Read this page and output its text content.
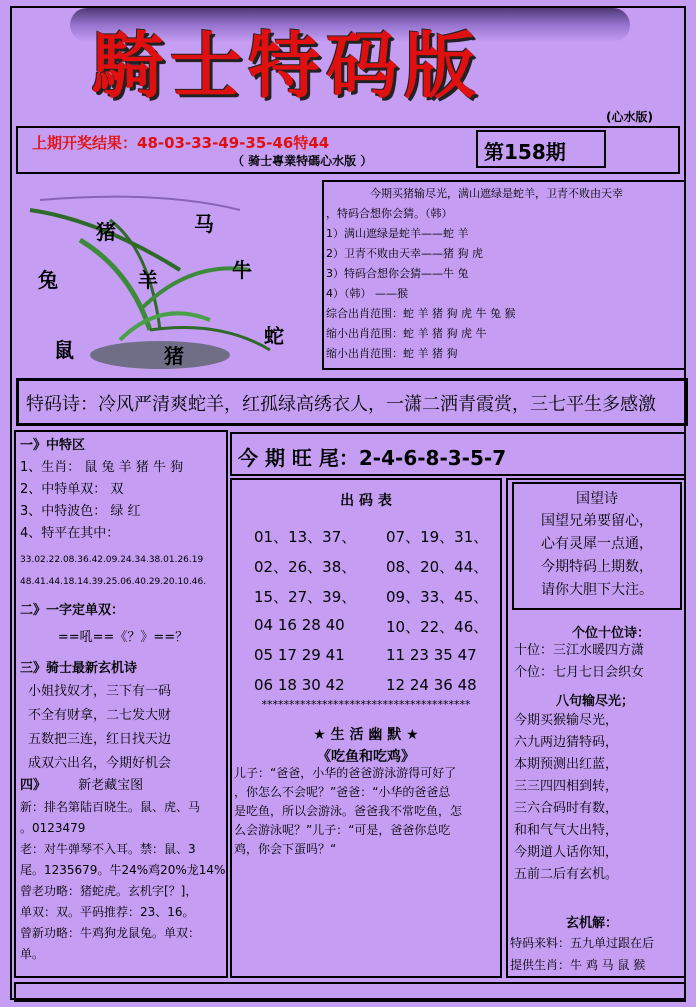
騎士特码版
(心水版)
上期开奖结果：48-03-33-49-35-46特44
（ 骑士專業特碼心水版 ）	第158期
猪	马
兔	羊	牛
鼠	猪
蛇
今期买猪输尽光，满山遮绿是蛇羊，卫青不败由天幸
，特码合想你会猜。（韩）
1）满山遮绿是蛇羊——蛇 羊
2）卫青不败由天幸——猪 狗 虎
3）特码合想你会猜——牛 兔
4）（韩） ——猴
综合出肖范围：蛇 羊 猪 狗 虎 牛 兔 猴
缩小出肖范围：蛇 羊 猪 狗 虎 牛
缩小出肖范围：蛇 羊 猪 狗
特码诗：冷风严清爽蛇羊，红孤绿高绣衣人，一潇二洒青霞赏，三七平生多感激
一》中特区
1、生肖： 鼠 兔 羊 猪 牛 狗
2、中特单双： 双
3、中特波色： 绿 红
4、特平在其中：
33.02.22.08.36.42.09.24.34.38.01.26.19
48.41.44.18.14.39.25.06.40.29.20.10.46.
二》一字定单双：
==吼==《？》==？
三》骑士最新玄机诗
小姐找奴才，三下有一码
不全有财拿，二七发大财
五数把三连，红日找天边
成双六出名，今期好机会
四》 新老藏宝图
新：排名第陆百晓生。鼠、虎、马
。0123479
老：对牛弹琴不入耳。禁：鼠、3
尾。1235679。牛24%鸡20%龙14%
曾老功略：猪蛇虎。玄机字[？]，
单双：双。平码推荐：23、16。
曾新功略：牛鸡狗龙鼠兔。单双：
单。
今 期 旺 尾：2-4-6-8-3-5-7
出 码 表
01、13、37、 07、19、31、
02、26、38、 08、20、44、
15、27、39、 09、33、45、
04 16 28 40	10、22、46、
05 17 29 41	11 23 35 47
06 18 30 42	12 24 36 48
**************************************
★ 生 活 幽 默 ★
《吃鱼和吃鸡》
儿子：“爸爸，小华的爸爸游泳游得可好了
，你怎么不会呢？”爸爸：“小华的爸爸总
是吃鱼，所以会游泳。爸爸我不常吃鱼，怎
么会游泳呢？”儿子：“可是，爸爸你总吃
鸡，你会下蛋吗？“
国望诗
国望兄弟要留心，
心有灵犀一点通，
今期特码上期数，
请你大胆下大注。
个位十位诗：
十位：三江水暖四方潇
个位：七月七日会织女
八句输尽光；
今期买猴输尽光，
六九两边猜特码，
本期预测出红蓝，
三三四四相到转，
三六合码时有数，
和和气气大出特，
今期道人话你知，
五前二后有玄机。
玄机解：
特码来料：五九单过跟在后
提供生肖：牛 鸡 马 鼠 猴
